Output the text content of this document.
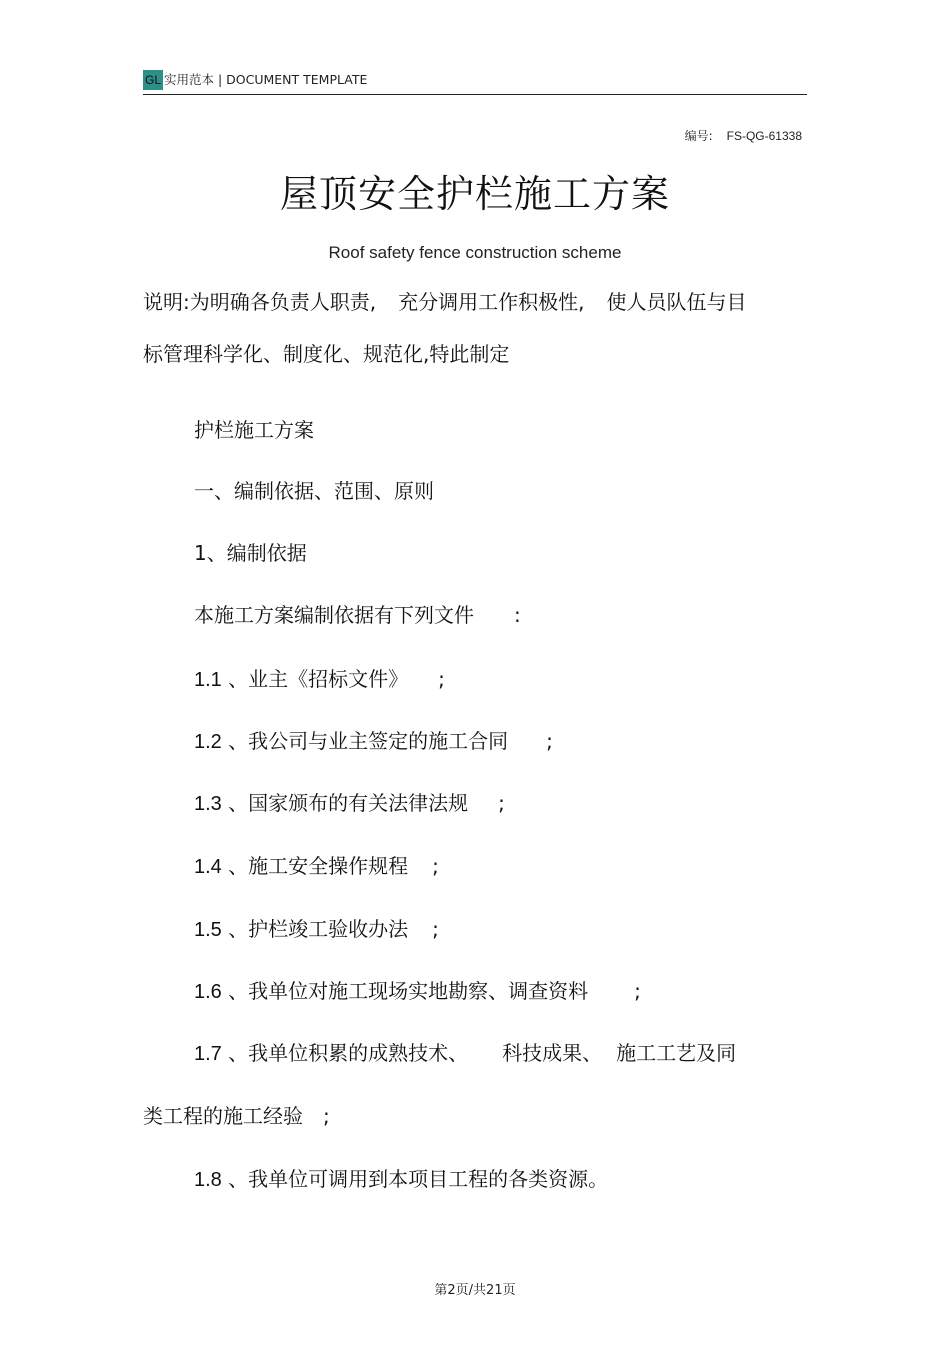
GL 实用范本 | DOCUMENT TEMPLATE
编号: FS-QG-61338
屋顶安全护栏施工方案
Roof safety fence construction scheme
说明:为明确各负责人职责, 充分调用工作积极性, 使人员队伍与目
标管理科学化、制度化、规范化,特此制定
护栏施工方案
一、编制依据、范围、原则
1、编制依据
本施工方案编制依据有下列文件 :
1.1 、业主《招标文件》 ;
1.2 、我公司与业主签定的施工合同 ;
1.3 、国家颁布的有关法律法规 ;
1.4 、施工安全操作规程 ;
1.5 、护栏竣工验收办法 ;
1.6 、我单位对施工现场实地勘察、调查资料 ;
1.7 、我单位积累的成熟技术、 科技成果、 施工工艺及同
类工程的施工经验 ;
1.8 、我单位可调用到本项目工程的各类资源。
第2页/共21页
